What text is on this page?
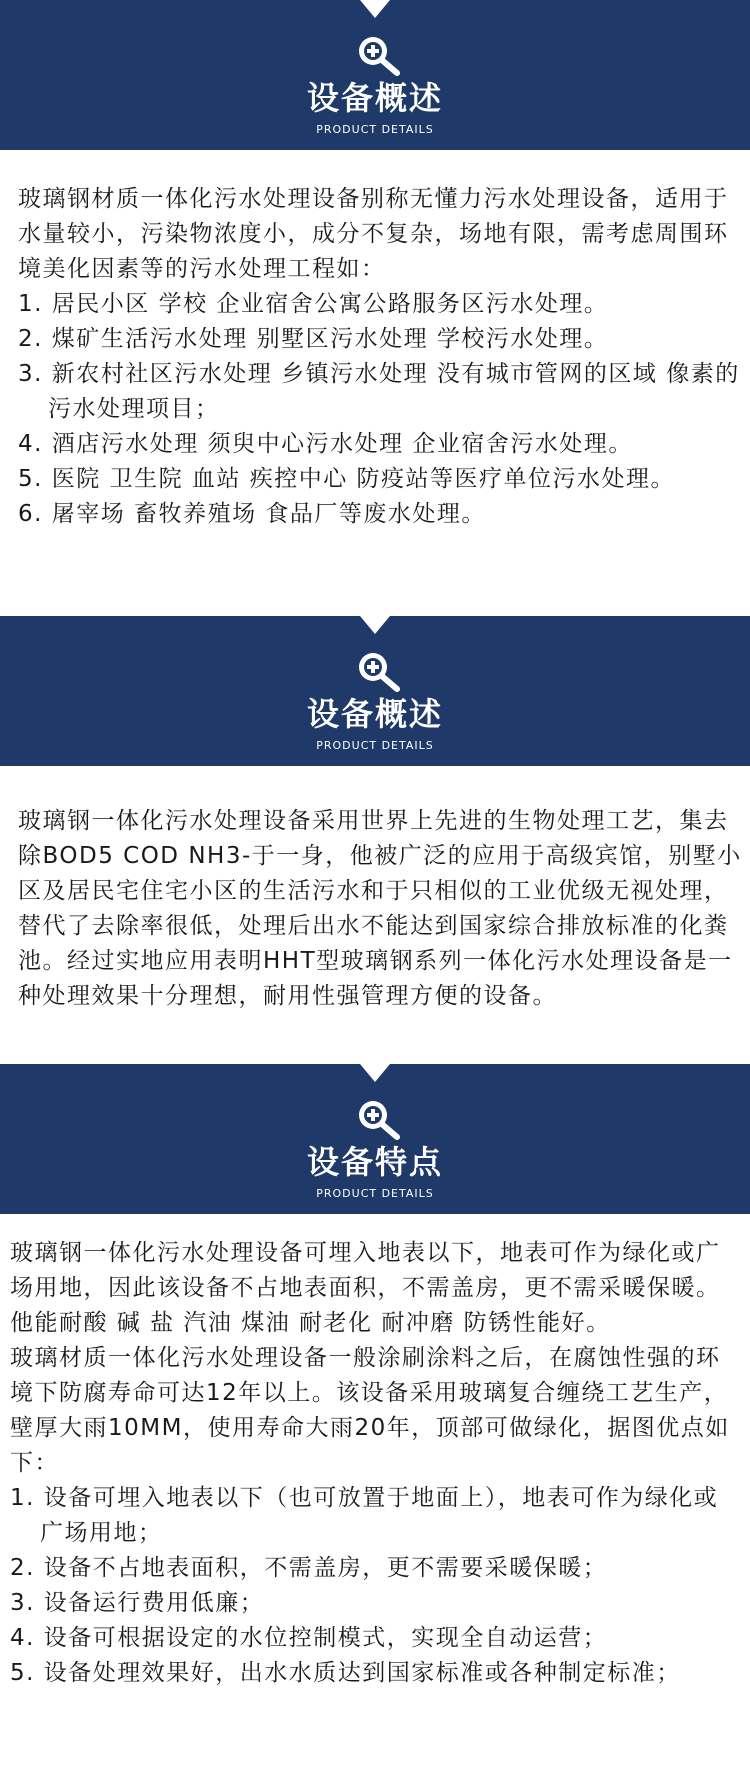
设备概述
PRODUCT DETAILS

玻璃钢材质一体化污水处理设备别称无懂力污水处理设备，适用于水量较小，污染物浓度小，成分不复杂，场地有限，需考虑周围环境美化因素等的污水处理工程如：

1. 居民小区 学校 企业宿舍公寓公路服务区污水处理。

2. 煤矿生活污水处理 别墅区污水处理 学校污水处理。

3. 新农村社区污水处理 乡镇污水处理 没有城市管网的区域 像素的污水处理项目；

4. 酒店污水处理 须臾中心污水处理 企业宿舍污水处理。

5. 医院 卫生院 血站 疾控中心 防疫站等医疗单位污水处理。

6. 屠宰场 畜牧养殖场 食品厂等废水处理。

设备概述
PRODUCT DETAILS

玻璃钢一体化污水处理设备采用世界上先进的生物处理工艺，集去除BOD5 COD NH3-于一身，他被广泛的应用于高级宾馆，别墅小区及居民宅住宅小区的生活污水和于只相似的工业优级无视处理，替代了去除率很低，处理后出水不能达到国家综合排放标准的化粪池。经过实地应用表明HHT型玻璃钢系列一体化污水处理设备是一种处理效果十分理想，耐用性强管理方便的设备。

设备特点
PRODUCT DETAILS

玻璃钢一体化污水处理设备可埋入地表以下，地表可作为绿化或广场用地，因此该设备不占地表面积，不需盖房，更不需采暖保暖。

他能耐酸 碱 盐 汽油 煤油 耐老化 耐冲磨 防锈性能好。

玻璃材质一体化污水处理设备一般涂刷涂料之后，在腐蚀性强的环境下防腐寿命可达12年以上。该设备采用玻璃复合缠绕工艺生产，壁厚大雨10MM，使用寿命大雨20年，顶部可做绿化，据图优点如下：

1. 设备可埋入地表以下（也可放置于地面上），地表可作为绿化或广场用地；

2. 设备不占地表面积，不需盖房，更不需要采暖保暖；

3. 设备运行费用低廉；

4. 设备可根据设定的水位控制模式，实现全自动运营；

5. 设备处理效果好，出水水质达到国家标准或各种制定标准；
